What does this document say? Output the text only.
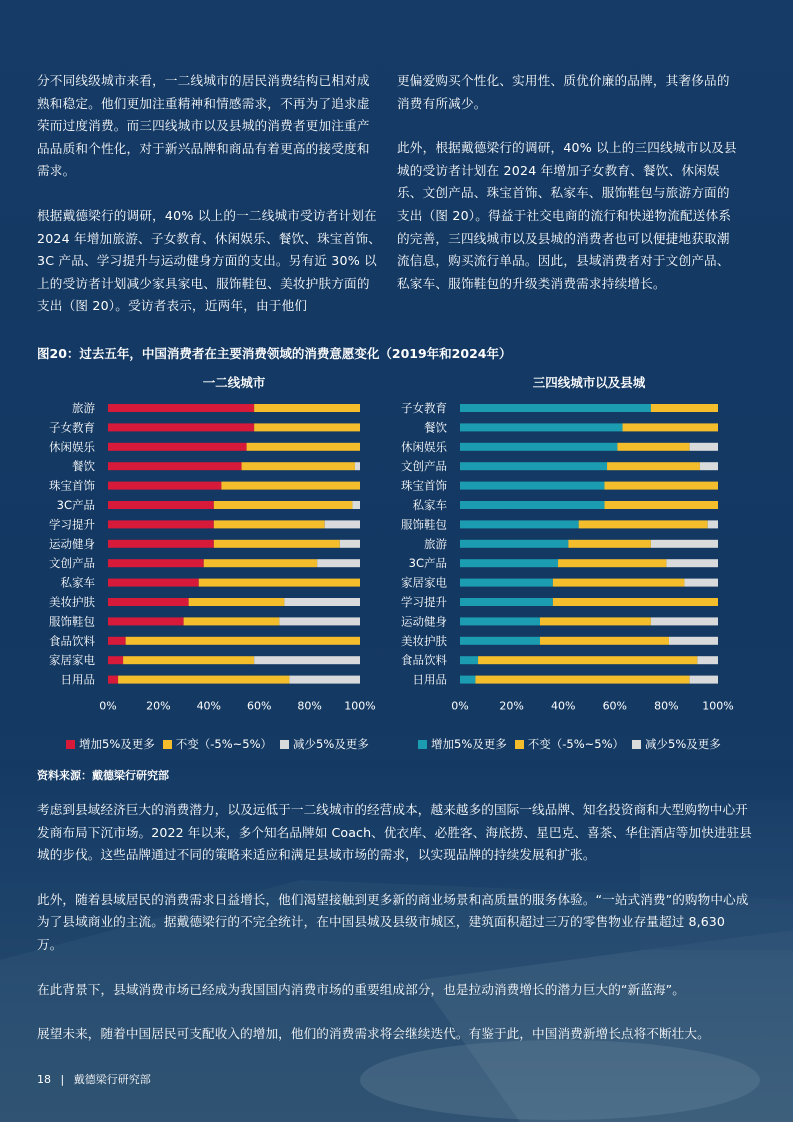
分不同线级城市来看，一二线城市的居民消费结构已相对成熟和稳定。他们更加注重精神和情感需求，不再为了追求虚荣而过度消费。而三四线城市以及县城的消费者更加注重产品品质和个性化，对于新兴品牌和商品有着更高的接受度和需求。

根据戴德梁行的调研，40% 以上的一二线城市受访者计划在 2024 年增加旅游、子女教育、休闲娱乐、餐饮、珠宝首饰、3C 产品、学习提升与运动健身方面的支出。另有近 30% 以上的受访者计划减少家具家电、服饰鞋包、美妆护肤方面的支出（图 20）。受访者表示，近两年，由于他们

更偏爱购买个性化、实用性、质优价廉的品牌，其奢侈品的消费有所减少。

此外，根据戴德梁行的调研，40% 以上的三四线城市以及县城的受访者计划在 2024 年增加子女教育、餐饮、休闲娱乐、文创产品、珠宝首饰、私家车、服饰鞋包与旅游方面的支出（图 20）。得益于社交电商的流行和快递物流配送体系的完善，三四线城市以及县城的消费者也可以便捷地获取潮流信息，购买流行单品。因此，县域消费者对于文创产品、私家车、服饰鞋包的升级类消费需求持续增长。

图20：过去五年，中国消费者在主要消费领域的消费意愿变化（2019年和2024年）
一二线城市
旅游
子女教育
休闲娱乐
餐饮
珠宝首饰
3C产品
学习提升
运动健身
文创产品
私家车
美妆护肤
服饰鞋包
食品饮料
家居家电
日用品
0%	20% 40% 60% 80% 100%
增加5%及更多 不变（-5%~5%） 减少5%及更多
三四线城市以及县城
子女教育
餐饮
休闲娱乐
文创产品
珠宝首饰
私家车
服饰鞋包
旅游
3C产品
家居家电
学习提升
运动健身
美妆护肤
食品饮料
日用品
0%	20% 40% 60% 80% 100%
增加5%及更多 不变（-5%~5%） 减少5%及更多
资料来源：戴德梁行研究部

考虑到县域经济巨大的消费潜力，以及远低于一二线城市的经营成本，越来越多的国际一线品牌、知名投资商和大型购物中心开发商布局下沉市场。2022 年以来，多个知名品牌如 Coach、优衣库、必胜客、海底捞、星巴克、喜茶、华住酒店等加快进驻县城的步伐。这些品牌通过不同的策略来适应和满足县域市场的需求，以实现品牌的持续发展和扩张。

此外，随着县域居民的消费需求日益增长，他们渴望接触到更多新的商业场景和高质量的服务体验。“一站式消费”的购物中心成为了县域商业的主流。据戴德梁行的不完全统计，在中国县城及县级市城区，建筑面积超过三万的零售物业存量超过 8,630 万。

在此背景下，县域消费市场已经成为我国国内消费市场的重要组成部分，也是拉动消费增长的潜力巨大的“新蓝海”。

展望未来，随着中国居民可支配收入的增加，他们的消费需求将会继续迭代。有鉴于此，中国消费新增长点将不断壮大。

18 | 戴德梁行研究部
